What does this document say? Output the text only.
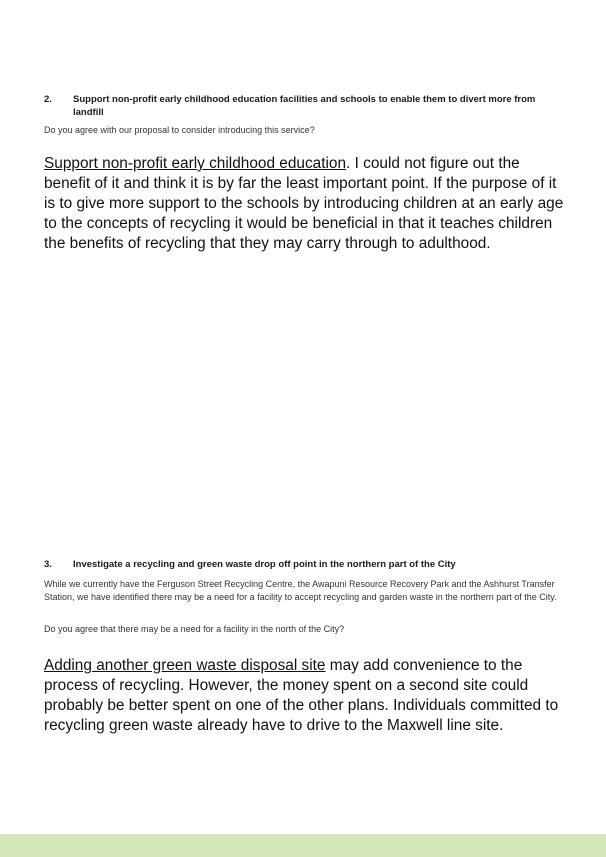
2. Support non-profit early childhood education facilities and schools to enable them to divert more from landfill
Do you agree with our proposal to consider introducing this service?
Support non-profit early childhood education. I could not figure out the benefit of it and think it is by far the least important point. If the purpose of it is to give more support to the schools by introducing children at an early age to the concepts of recycling it would be beneficial in that it teaches children the benefits of recycling that they may carry through to adulthood.
3. Investigate a recycling and green waste drop off point in the northern part of the City
While we currently have the Ferguson Street Recycling Centre, the Awapuni Resource Recovery Park and the Ashhurst Transfer Station, we have identified there may be a need for a facility to accept recycling and garden waste in the northern part of the City.
Do you agree that there may be a need for a facility in the north of the City?
Adding another green waste disposal site may add convenience to the process of recycling. However, the money spent on a second site could probably be better spent on one of the other plans. Individuals committed to recycling green waste already have to drive to the Maxwell line site.
